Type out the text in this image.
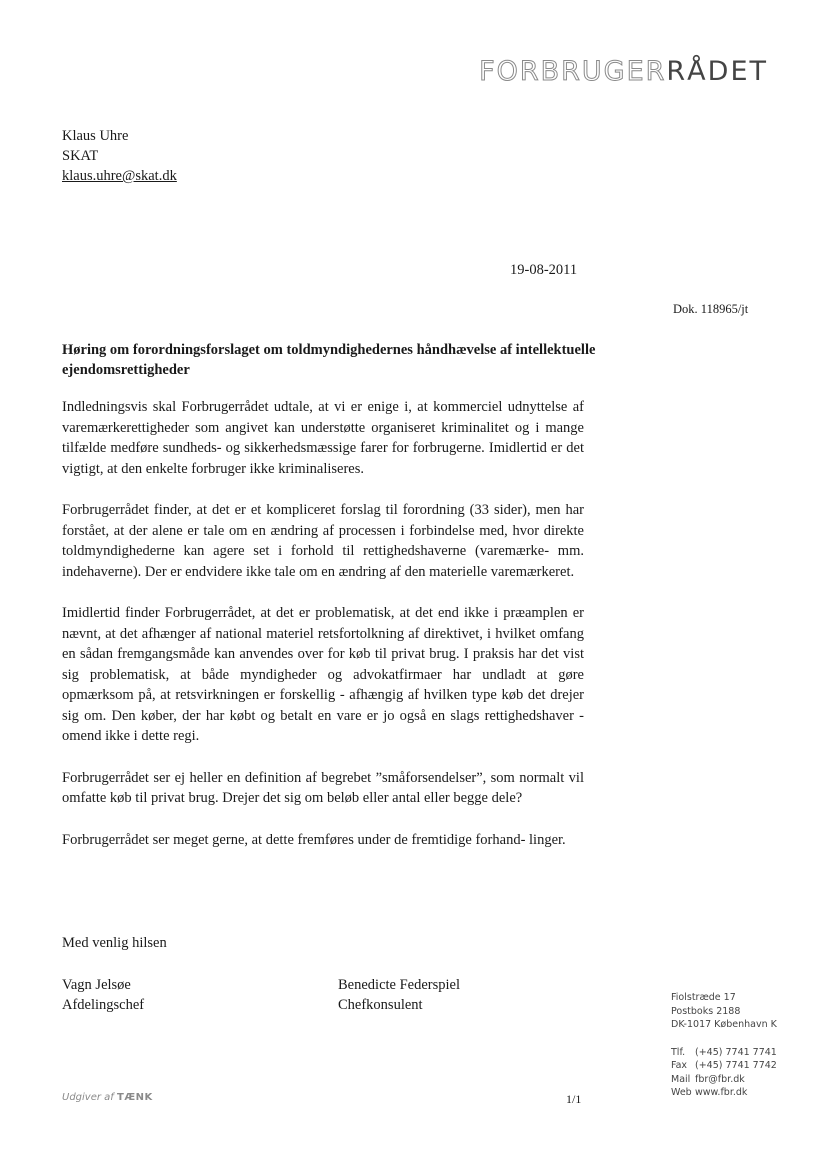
FORBRUGERRÅDET
Klaus Uhre
SKAT
klaus.uhre@skat.dk
19-08-2011
Dok. 118965/jt
Høring om forordningsforslaget om toldmyndighedernes håndhævelse af intellektuelle ejendomsrettigheder

Indledningsvis skal Forbrugerrådet udtale, at vi er enige i, at kommerciel udnyttelse af varemærkerettigheder som angivet kan understøtte organiseret kriminalitet og i mange tilfælde medføre sundheds- og sikkerhedsmæssige farer for forbrugerne. Imidlertid er det vigtigt, at den enkelte forbruger ikke kriminaliseres.

Forbrugerrådet finder, at det er et kompliceret forslag til forordning (33 sider), men har forstået, at der alene er tale om en ændring af processen i forbindelse med, hvor direkte toldmyndighederne kan agere set i forhold til rettighedshaverne (varemærke- mm. indehaverne). Der er endvidere ikke tale om en ændring af den materielle varemærkeret.

Imidlertid finder Forbrugerrådet, at det er problematisk, at det end ikke i præamplen er nævnt, at det afhænger af national materiel retsfortolkning af direktivet, i hvilket omfang en sådan fremgangsmåde kan anvendes over for køb til privat brug. I praksis har det vist sig problematisk, at både myndigheder og advokatfirmaer har undladt at gøre opmærksom på, at retsvirkningen er forskellig - afhængig af hvilken type køb det drejer sig om. Den køber, der har købt og betalt en vare er jo også en slags rettighedshaver - omend ikke i dette regi.

Forbrugerrådet ser ej heller en definition af begrebet ”småforsendelser”, som normalt vil omfatte køb til privat brug. Drejer det sig om beløb eller antal eller begge dele?

Forbrugerrådet ser meget gerne, at dette fremføres under de fremtidige forhand- linger.

Med venlig hilsen
Vagn Jelsøe
Afdelingschef
Benedicte Federspiel
Chefkonsulent	Fiolstræde 17
Postboks 2188
DK-1017 København K
Tlf. (+45) 7741 7741
Fax (+45) 7741 7742
Mail fbr@fbr.dk
Web www.fbr.dk
Udgiver af TÆNK	1/1
